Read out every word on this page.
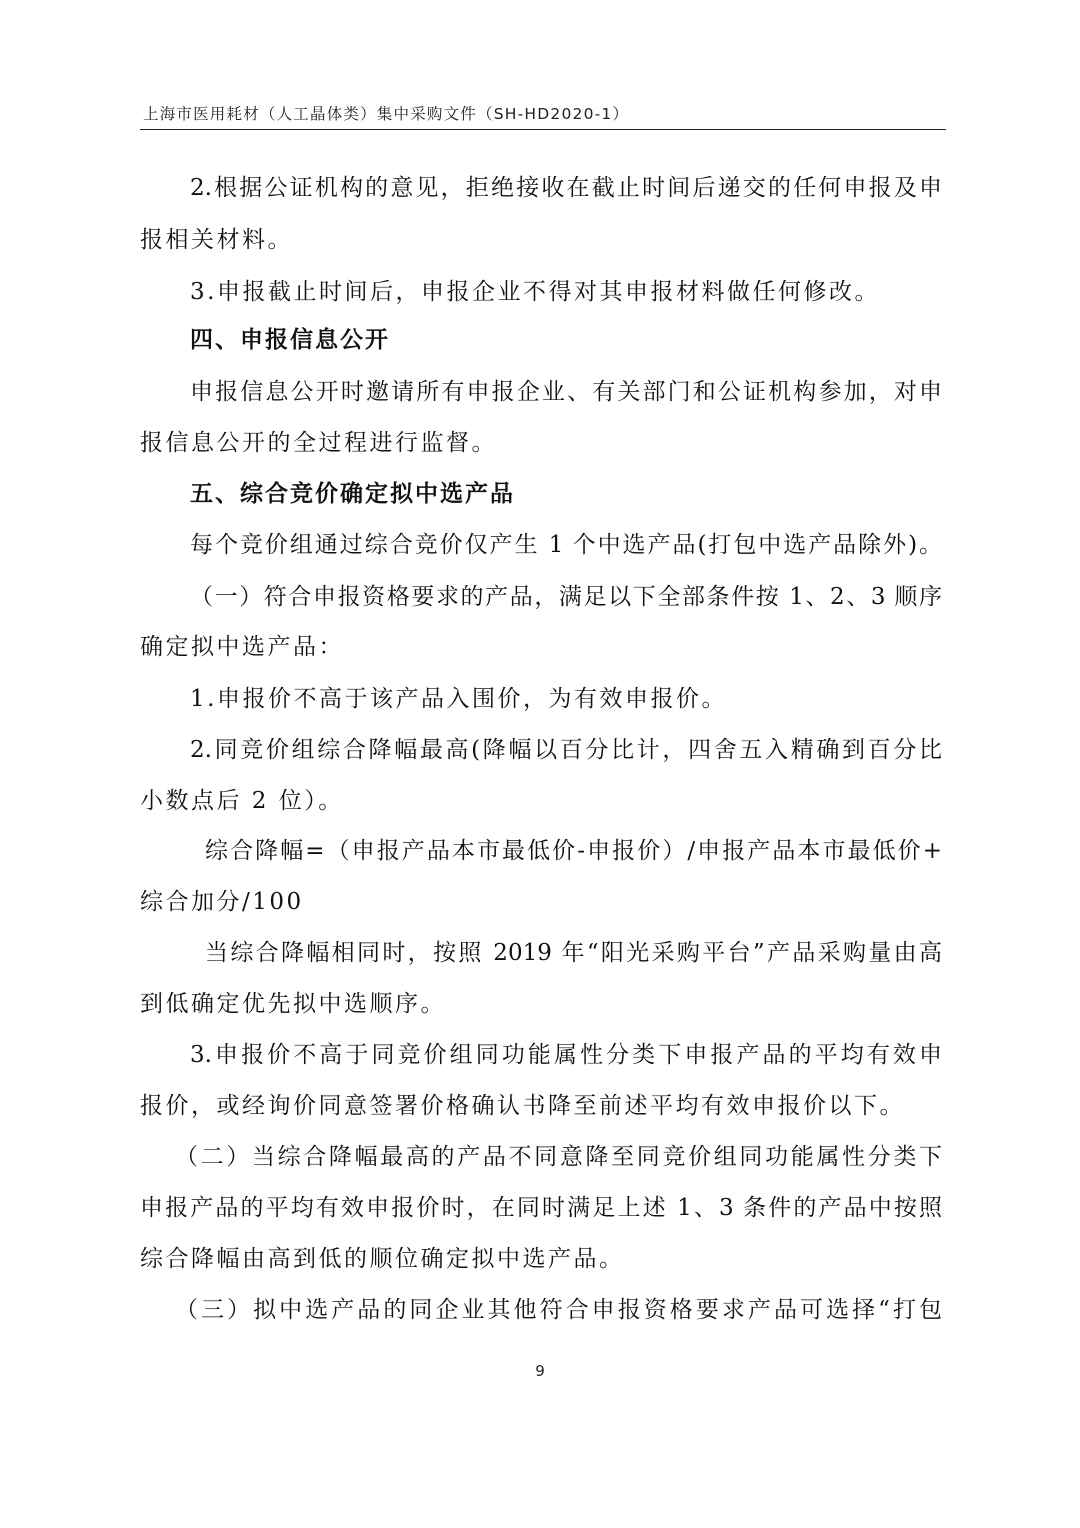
上海市医用耗材（人工晶体类）集中采购文件（SH-HD2020-1）
2.根据公证机构的意见，拒绝接收在截止时间后递交的任何申报及申
报相关材料。
3.申报截止时间后，申报企业不得对其申报材料做任何修改。
四、申报信息公开
申报信息公开时邀请所有申报企业、有关部门和公证机构参加，对申
报信息公开的全过程进行监督。
五、综合竞价确定拟中选产品
每个竞价组通过综合竞价仅产生 1 个中选产品(打包中选产品除外)。
（一）符合申报资格要求的产品，满足以下全部条件按 1、2、3 顺序
确定拟中选产品：
1.申报价不高于该产品入围价，为有效申报价。
2.同竞价组综合降幅最高(降幅以百分比计，四舍五入精确到百分比
小数点后 2 位）。
综合降幅=（申报产品本市最低价-申报价）/申报产品本市最低价+
综合加分/100
当综合降幅相同时，按照 2019 年“阳光采购平台”产品采购量由高
到低确定优先拟中选顺序。
3.申报价不高于同竞价组同功能属性分类下申报产品的平均有效申
报价，或经询价同意签署价格确认书降至前述平均有效申报价以下。
（二）当综合降幅最高的产品不同意降至同竞价组同功能属性分类下
申报产品的平均有效申报价时，在同时满足上述 1、3 条件的产品中按照
综合降幅由高到低的顺位确定拟中选产品。
（三）拟中选产品的同企业其他符合申报资格要求产品可选择“打包
9
